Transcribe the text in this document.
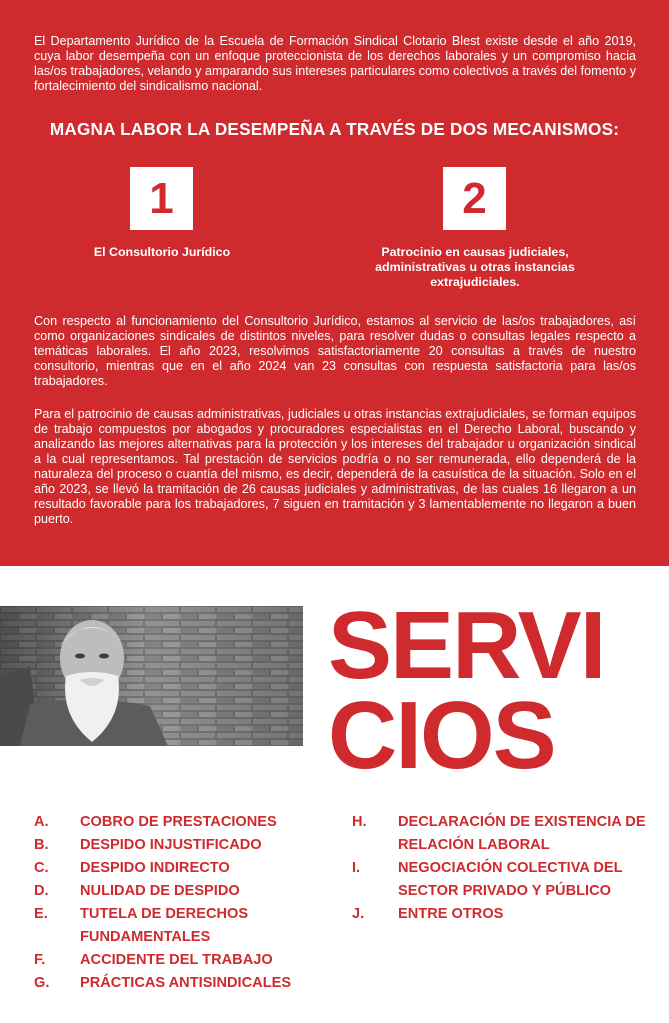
El Departamento Jurídico de la Escuela de Formación Sindical Clotario Blest existe desde el año 2019, cuya labor desempeña con un enfoque proteccionista de los derechos laborales y un compromiso hacia las/os trabajadores, velando y amparando sus intereses particulares como colectivos a través del fomento y fortalecimiento del sindicalismo nacional.

MAGNA LABOR LA DESEMPEÑA A TRAVÉS DE DOS MECANISMOS:
1	2
El Consultorio Jurídico	Patrocinio en causas judiciales, administrativas u otras instancias extrajudiciales.

Con respecto al funcionamiento del Consultorio Jurídico, estamos al servicio de las/os trabajadores, así como organizaciones sindicales de distintos niveles, para resolver dudas o consultas legales respecto a temáticas laborales. El año 2023, resolvimos satisfactoriamente 20 consultas a través de nuestro consultorio, mientras que en el año 2024 van 23 consultas con respuesta satisfactoria para las/os trabajadores.

Para el patrocinio de causas administrativas, judiciales u otras instancias extrajudiciales, se forman equipos de trabajo compuestos por abogados y procuradores especialistas en el Derecho Laboral, buscando y analizando las mejores alternativas para la protección y los intereses del trabajador u organización sindical a la cual representamos. Tal prestación de servicios podría o no ser remunerada, ello dependerá de la naturaleza del proceso o cuantía del mismo, es decir, dependerá de la casuística de la situación. Solo en el año 2023, se llevó la tramitación de 26 causas judiciales y administrativas, de las cuales 16 llegaron a un resultado favorable para los trabajadores, 7 siguen en tramitación y 3 lamentablemente no llegaron a buen puerto.

SERVI
CIOS
A.	COBRO DE PRESTACIONES
B.	DESPIDO INJUSTIFICADO
C.	DESPIDO INDIRECTO
D.	NULIDAD DE DESPIDO
E.	TUTELA DE DERECHOS FUNDAMENTALES
F.	ACCIDENTE DEL TRABAJO
G.	PRÁCTICAS ANTISINDICALES
H.	DECLARACIÓN DE EXISTENCIA DE RELACIÓN LABORAL
I.	NEGOCIACIÓN COLECTIVA DEL SECTOR PRIVADO Y PÚBLICO
J.	ENTRE OTROS
